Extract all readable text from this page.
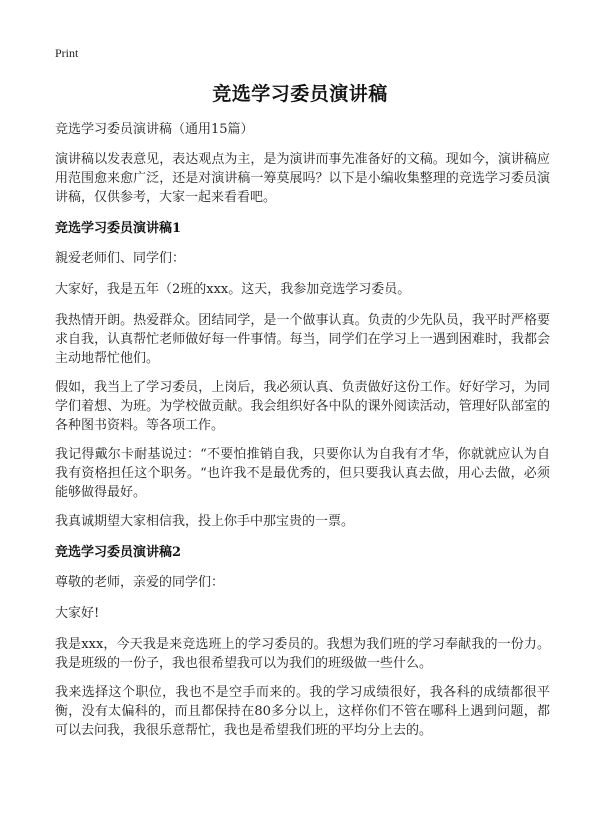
Print
竞选学习委员演讲稿

竞选学习委员演讲稿（通用15篇）

演讲稿以发表意见，表达观点为主，是为演讲而事先准备好的文稿。现如今，演讲稿应用范围愈来愈广泛，还是对演讲稿一筹莫展吗？以下是小编收集整理的竞选学习委员演讲稿，仅供参考，大家一起来看看吧。

竞选学习委员演讲稿1

親爱老师们、同学们：

大家好，我是五年（2班的xxx。这天，我参加竞选学习委员。

我热情开朗。热爱群众。团结同学，是一个做事认真。负责的少先队员，我平时严格要求自我，认真帮忙老师做好每一件事情。每当，同学们在学习上一遇到困难时，我都会主动地帮忙他们。

假如，我当上了学习委员，上岗后，我必须认真、负责做好这份工作。好好学习，为同学们着想、为班。为学校做贡献。我会组织好各中队的课外阅读活动，管理好队部室的各种图书资料。等各项工作。

我记得戴尔卡耐基说过：“不要怕推销自我，只要你认为自我有才华，你就就应认为自我有资格担任这个职务。“也许我不是最优秀的，但只要我认真去做，用心去做，必须能够做得最好。

我真诚期望大家相信我，投上你手中那宝贵的一票。

竞选学习委员演讲稿2

尊敬的老师，亲爱的同学们：

大家好!

我是xxx，今天我是来竞选班上的学习委员的。我想为我们班的学习奉献我的一份力。我是班级的一份子，我也很希望我可以为我们的班级做一些什么。

我来选择这个职位，我也不是空手而来的。我的学习成绩很好，我各科的成绩都很平衡，没有太偏科的，而且都保持在80多分以上，这样你们不管在哪科上遇到问题，都可以去问我，我很乐意帮忙，我也是希望我们班的平均分上去的。
